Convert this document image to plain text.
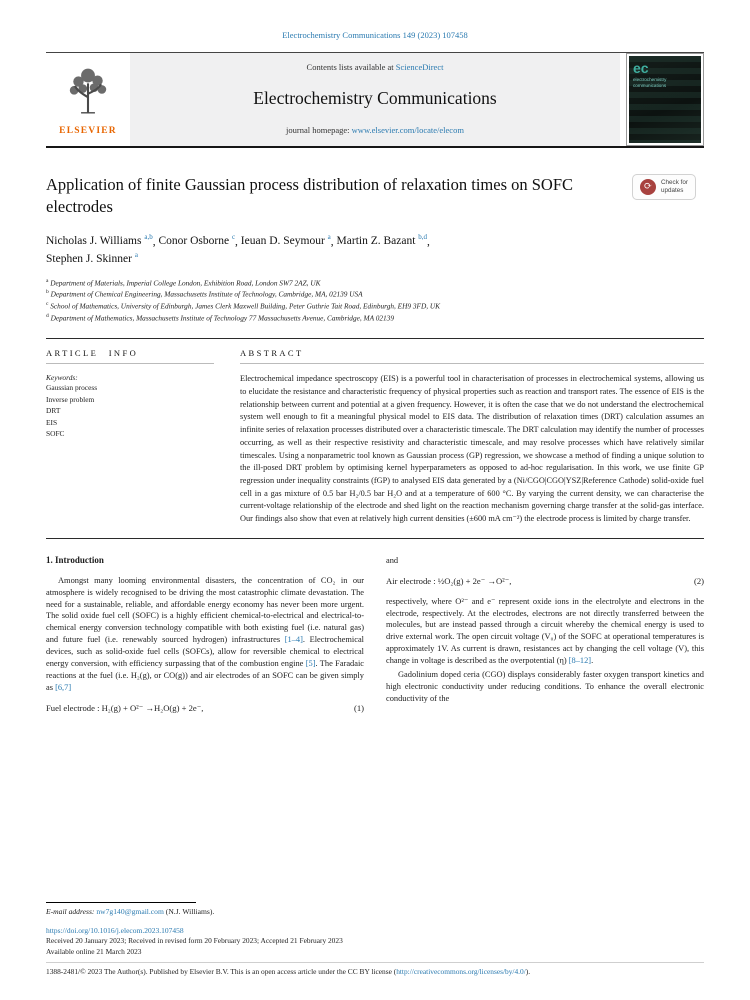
Electrochemistry Communications 149 (2023) 107458
ELSEVIER
Contents lists available at ScienceDirect
Electrochemistry Communications
journal homepage: www.elsevier.com/locate/elecom
ec
electrochemistry communications
Application of finite Gaussian process distribution of relaxation times on SOFC electrodes
⟳	Check for
updates
Nicholas J. Williams $^{a,b}$, Conor Osborne $^c$, Ieuan D. Seymour $^a$, Martin Z. Bazant $^{b,d}$,
Stephen J. Skinner $^a$
$^a$ Department of Materials, Imperial College London, Exhibition Road, London SW7 2AZ, UK
$^b$ Department of Chemical Engineering, Massachusetts Institute of Technology, Cambridge, MA, 02139 USA
$^c$ School of Mathematics, University of Edinburgh, James Clerk Maxwell Building, Peter Guthrie Tait Road, Edinburgh, EH9 3FD, UK
$^d$ Department of Mathematics, Massachusetts Institute of Technology 77 Massachusetts Avenue, Cambridge, MA 02139
ARTICLE INFO
Keywords:
Gaussian process
Inverse problem
DRT
EIS
SOFC
ABSTRACT
Electrochemical impedance spectroscopy (EIS) is a powerful tool in characterisation of processes in electrochemical systems, allowing us to elucidate the resistance and characteristic frequency of physical properties such as reaction and transport rates. The essence of EIS is the relationship between current and potential at a given frequency. However, it is often the case that we do not understand the electrochemical system well enough to fit a meaningful physical model to EIS data. The distribution of relaxation times (DRT) calculation assumes an infinite series of relaxation processes distributed over a characteristic timescale. The DRT calculation may identify the number of processes occurring, as well as their respective resistivity and characteristic timescale, and may resolve processes which have relatively similar timescales. Using a nonparametric tool known as Gaussian process (GP) regression, we showcase a method of finding a unique solution to the ill-posed DRT problem by optimising kernel hyperparameters as opposed to ad-hoc regularisation. In this work, we use finite GP regression under inequality constraints (fGP) to analysed EIS data generated by a (Ni/CGO|CGO|YSZ|Reference Cathode) solid-oxide fuel cell in a gas mixture of 0.5 bar H₂/0.5 bar H₂O and at a temperature of 600 °C. By varying the current density, we can characterise the current-voltage relationship of the electrode and shed light on the reaction mechanism governing charge transfer at the solid-gas interface. Our findings also show that even at relatively high current densities (±600 mA cm⁻²) the electrode process is limited by charge transfer.
1. Introduction

Amongst many looming environmental disasters, the concentration of CO₂ in our atmosphere is widely recognised to be driving the most catastrophic climate devastation. The need for a sustainable, reliable, and affordable energy economy has never been more urgent. The solid oxide fuel cell (SOFC) is a highly efficient chemical-to-electrical and electrical-to-chemical energy conversion technology compatible with both existing fuel (i.e. natural gas) and future fuel (i.e. renewably sourced hydrogen) infrastructures [1–4]. Electrochemical devices, such as solid-oxide fuel cells (SOFCs), allow for reversible chemical to electrical energy conversion, with efficiency surpassing that of the combustion engine [5]. The Faradaic reactions at the fuel (i.e. H₂(g), or CO(g)) and air electrodes of an SOFC can be given simply as [6,7]

Fuel electrode : H₂(g) + O²⁻ →H₂O(g) + 2e⁻,	(1)
and
Air electrode : ½O₂(g) + 2e⁻ →O²⁻,	(2)

respectively, where O²⁻ and e⁻ represent oxide ions in the electrolyte and electrons in the electrode, respectively. At the electrodes, electrons are not directly transferred between the molecules, but are instead passed through a circuit whereby the chemical energy is used to drive external work. The open circuit voltage (V₀) of the SOFC at operational temperatures is approximately 1V. As current is drawn, resistances act by changing the cell voltage (V), this change in voltage is described as the overpotential (η) [8–12].

Gadolinium doped ceria (CGO) displays considerably faster oxygen transport kinetics and high electronic conductivity under reducing conditions. To enhance the overall electronic conductivity of the

E-mail address: nw7g140@gmail.com (N.J. Williams).
https://doi.org/10.1016/j.elecom.2023.107458
Received 20 January 2023; Received in revised form 20 February 2023; Accepted 21 February 2023
Available online 21 March 2023
1388-2481/© 2023 The Author(s). Published by Elsevier B.V. This is an open access article under the CC BY license (http://creativecommons.org/licenses/by/4.0/).
